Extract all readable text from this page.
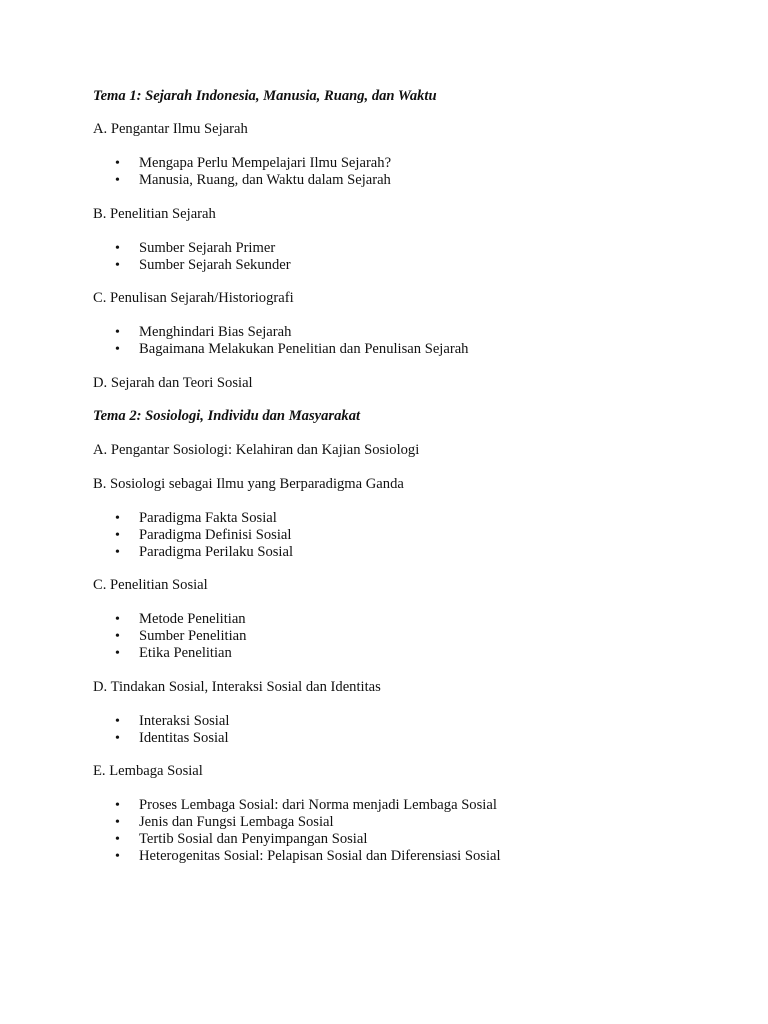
Tema 1: Sejarah Indonesia, Manusia, Ruang, dan Waktu
A. Pengantar Ilmu Sejarah
• Mengapa Perlu Mempelajari Ilmu Sejarah?
• Manusia, Ruang, dan Waktu dalam Sejarah
B. Penelitian Sejarah
• Sumber Sejarah Primer
• Sumber Sejarah Sekunder
C. Penulisan Sejarah/Historiografi
• Menghindari Bias Sejarah
• Bagaimana Melakukan Penelitian dan Penulisan Sejarah
D. Sejarah dan Teori Sosial
Tema 2: Sosiologi, Individu dan Masyarakat
A. Pengantar Sosiologi: Kelahiran dan Kajian Sosiologi
B. Sosiologi sebagai Ilmu yang Berparadigma Ganda
• Paradigma Fakta Sosial
• Paradigma Definisi Sosial
• Paradigma Perilaku Sosial
C. Penelitian Sosial
• Metode Penelitian
• Sumber Penelitian
• Etika Penelitian
D. Tindakan Sosial, Interaksi Sosial dan Identitas
• Interaksi Sosial
• Identitas Sosial
E. Lembaga Sosial
• Proses Lembaga Sosial: dari Norma menjadi Lembaga Sosial
• Jenis dan Fungsi Lembaga Sosial
• Tertib Sosial dan Penyimpangan Sosial
• Heterogenitas Sosial: Pelapisan Sosial dan Diferensiasi Sosial
